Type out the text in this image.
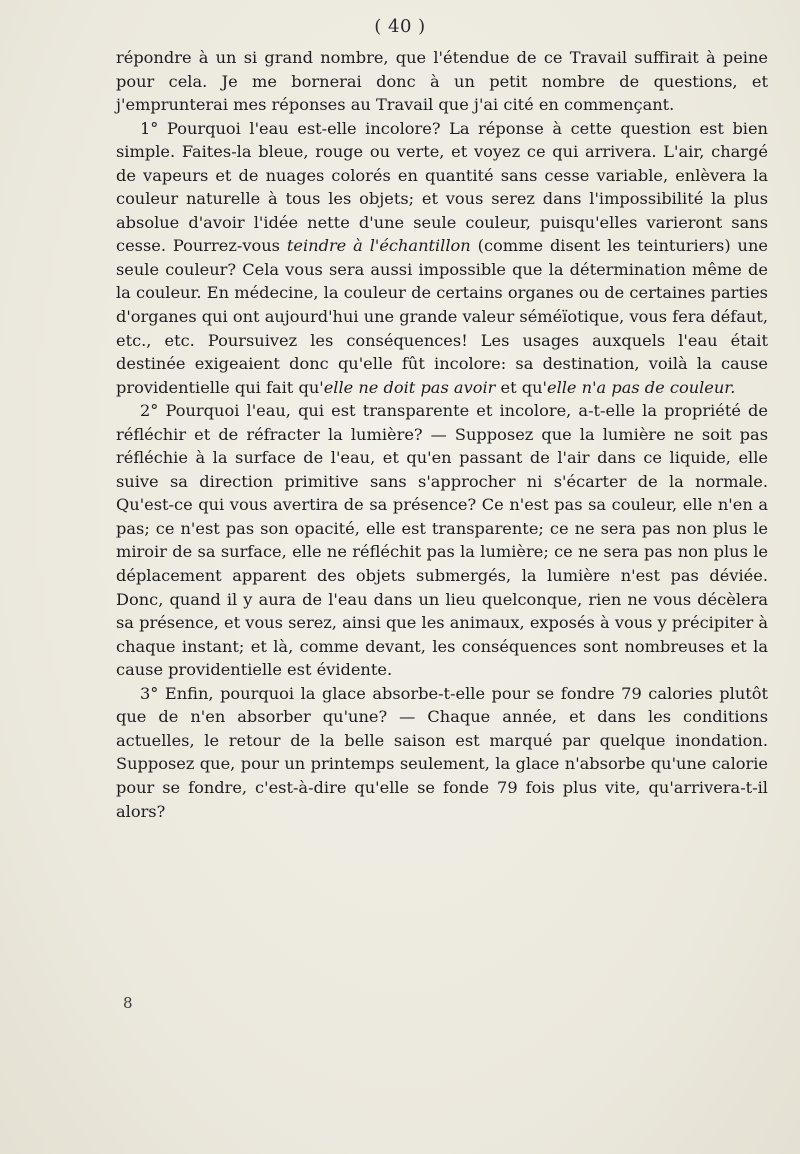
( 40 )

répondre à un si grand nombre, que l'étendue de ce Travail suffirait à peine pour cela. Je me bornerai donc à un petit nombre de questions, et j'emprunterai mes réponses au Travail que j'ai cité en commençant.

1° Pourquoi l'eau est-elle incolore? La réponse à cette question est bien simple. Faites-la bleue, rouge ou verte, et voyez ce qui arrivera. L'air, chargé de vapeurs et de nuages colorés en quantité sans cesse variable, enlèvera la couleur naturelle à tous les objets; et vous serez dans l'impossibilité la plus absolue d'avoir l'idée nette d'une seule couleur, puisqu'elles varieront sans cesse. Pourrez-vous teindre à l'échantillon (comme disent les teinturiers) une seule couleur? Cela vous sera aussi impossible que la détermination même de la couleur. En médecine, la couleur de certains organes ou de certaines parties d'organes qui ont aujourd'hui une grande valeur séméïotique, vous fera défaut, etc., etc. Poursuivez les conséquences! Les usages auxquels l'eau était destinée exigeaient donc qu'elle fût incolore: sa destination, voilà la cause providentielle qui fait qu'elle ne doit pas avoir et qu'elle n'a pas de couleur.

2° Pourquoi l'eau, qui est transparente et incolore, a-t-elle la propriété de réfléchir et de réfracter la lumière? — Supposez que la lumière ne soit pas réfléchie à la surface de l'eau, et qu'en passant de l'air dans ce liquide, elle suive sa direction primitive sans s'approcher ni s'écarter de la normale. Qu'est-ce qui vous avertira de sa présence? Ce n'est pas sa couleur, elle n'en a pas; ce n'est pas son opacité, elle est transparente; ce ne sera pas non plus le miroir de sa surface, elle ne réfléchit pas la lumière; ce ne sera pas non plus le déplacement apparent des objets submergés, la lumière n'est pas déviée. Donc, quand il y aura de l'eau dans un lieu quelconque, rien ne vous décèlera sa présence, et vous serez, ainsi que les animaux, exposés à vous y précipiter à chaque instant; et là, comme devant, les conséquences sont nombreuses et la cause providentielle est évidente.

3° Enfin, pourquoi la glace absorbe-t-elle pour se fondre 79 calories plutôt que de n'en absorber qu'une? — Chaque année, et dans les conditions actuelles, le retour de la belle saison est marqué par quelque inondation. Supposez que, pour un printemps seulement, la glace n'absorbe qu'une calorie pour se fondre, c'est-à-dire qu'elle se fonde 79 fois plus vite, qu'arrivera-t-il alors?

8
